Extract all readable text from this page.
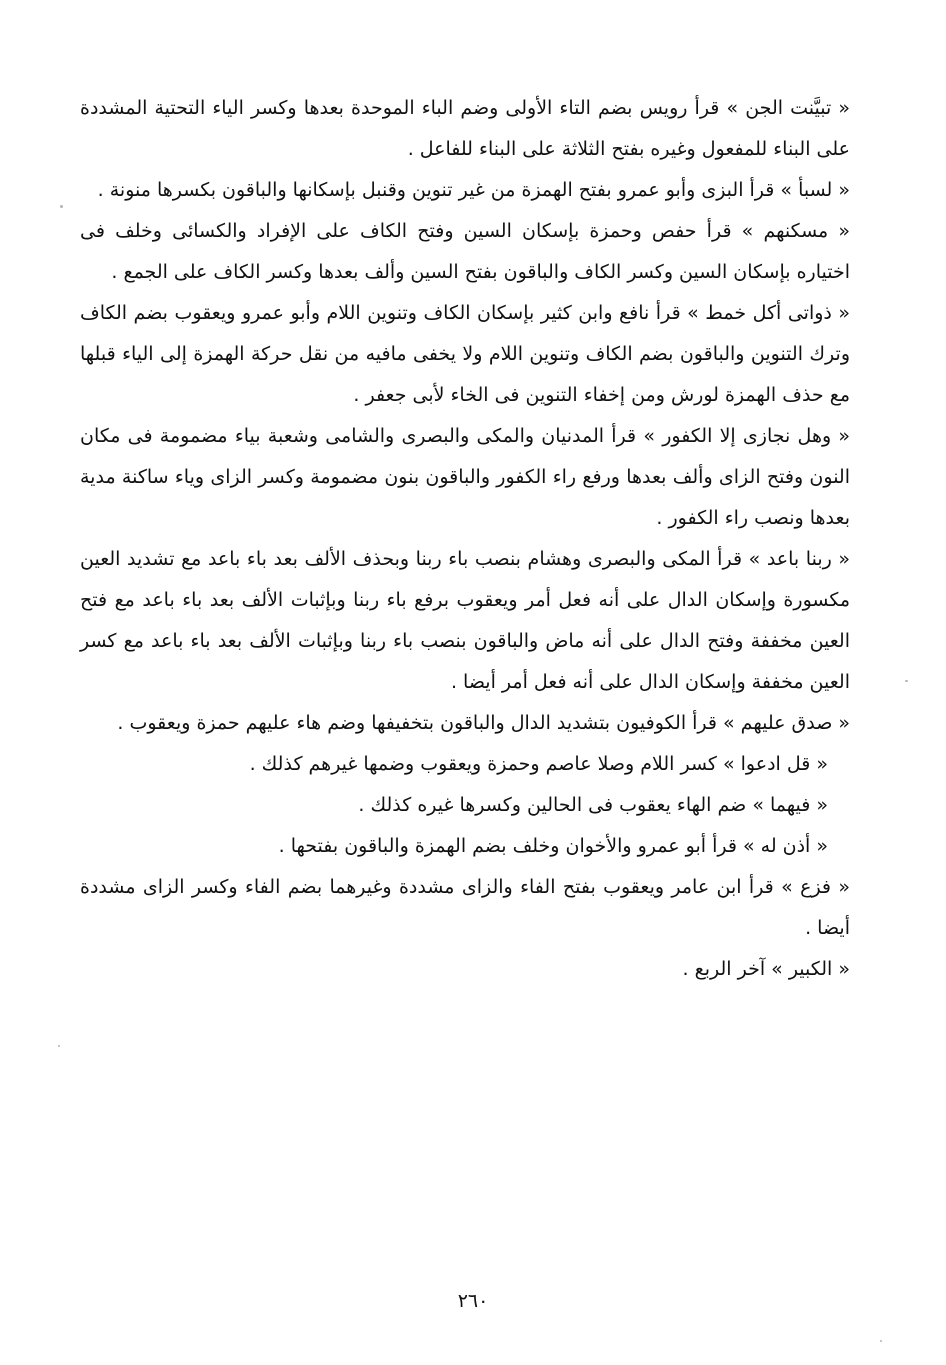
« تبيَّنت الجن » قرأ رويس بضم التاء الأولى وضم الباء الموحدة بعدها وكسر الياء التحتية المشددة على البناء للمفعول وغيره بفتح الثلاثة على البناء للفاعل .

« لسبأ » قرأ البزى وأبو عمرو بفتح الهمزة من غير تنوين وقنبل بإسكانها والباقون بكسرها منونة .

« مسكنهم » قرأ حفص وحمزة بإسكان السين وفتح الكاف على الإفراد والكسائى وخلف فى اختياره بإسكان السين وكسر الكاف والباقون بفتح السين وألف بعدها وكسر الكاف على الجمع .

« ذواتى أكل خمط » قرأ نافع وابن كثير بإسكان الكاف وتنوين اللام وأبو عمرو ويعقوب بضم الكاف وترك التنوين والباقون بضم الكاف وتنوين اللام ولا يخفى مافيه من نقل حركة الهمزة إلى الياء قبلها مع حذف الهمزة لورش ومن إخفاء التنوين فى الخاء لأبى جعفر .

« وهل نجازى إلا الكفور » قرأ المدنيان والمكى والبصرى والشامى وشعبة بياء مضمومة فى مكان النون وفتح الزاى وألف بعدها ورفع راء الكفور والباقون بنون مضمومة وكسر الزاى وياء ساكنة مدية بعدها ونصب راء الكفور .

« ربنا باعد » قرأ المكى والبصرى وهشام بنصب باء ربنا وبحذف الألف بعد باء باعد مع تشديد العين مكسورة وإسكان الدال على أنه فعل أمر ويعقوب برفع باء ربنا وبإثبات الألف بعد باء باعد مع فتح العين مخففة وفتح الدال على أنه ماض والباقون بنصب باء ربنا وبإثبات الألف بعد باء باعد مع كسر العين مخففة وإسكان الدال على أنه فعل أمر أيضا .

« صدق عليهم » قرأ الكوفيون بتشديد الدال والباقون بتخفيفها وضم هاء عليهم حمزة ويعقوب .

« قل ادعوا » كسر اللام وصلا عاصم وحمزة ويعقوب وضمها غيرهم كذلك .

« فيهما » ضم الهاء يعقوب فى الحالين وكسرها غيره كذلك .

« أذن له » قرأ أبو عمرو والأخوان وخلف بضم الهمزة والباقون بفتحها .

« فزع » قرأ ابن عامر ويعقوب بفتح الفاء والزاى مشددة وغيرهما بضم الفاء وكسر الزاى مشددة أيضا .

« الكبير » آخر الربع .

٢٦٠
